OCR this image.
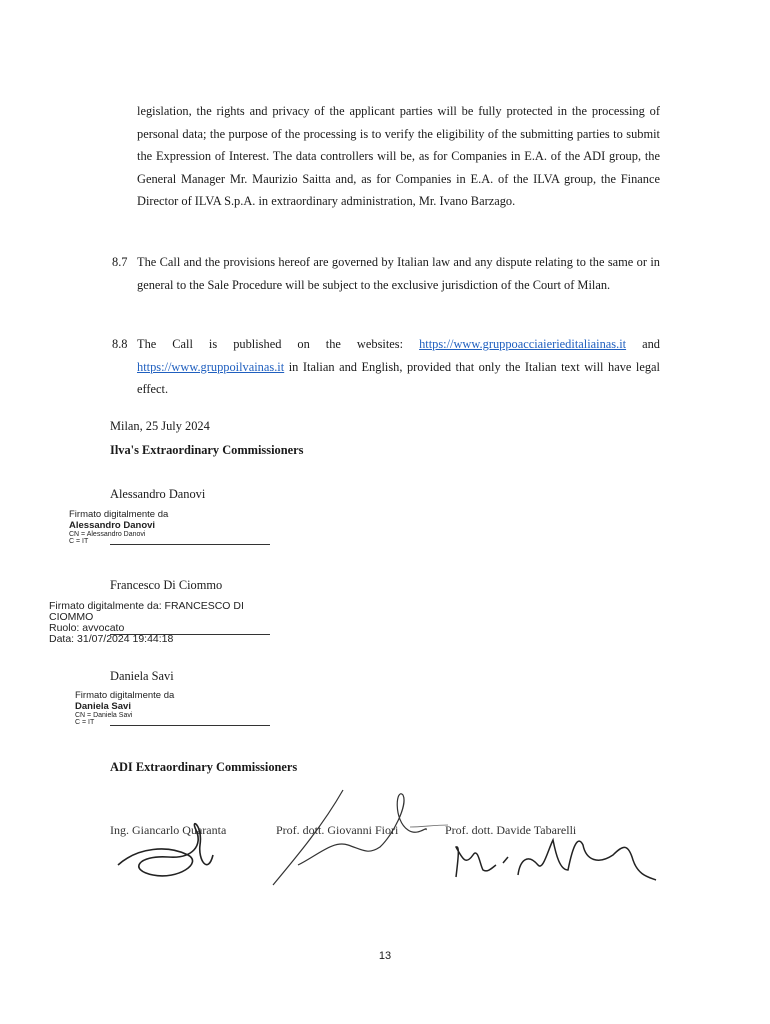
legislation, the rights and privacy of the applicant parties will be fully protected in the processing of personal data; the purpose of the processing is to verify the eligibility of the submitting parties to submit the Expression of Interest. The data controllers will be, as for Companies in E.A. of the ADI group, the General Manager Mr. Maurizio Saitta and, as for Companies in E.A. of the ILVA group, the Finance Director of ILVA S.p.A. in extraordinary administration, Mr. Ivano Barzago.
8.7 The Call and the provisions hereof are governed by Italian law and any dispute relating to the same or in general to the Sale Procedure will be subject to the exclusive jurisdiction of the Court of Milan.
8.8 The Call is published on the websites: https://www.gruppoacciaierieditaliainas.it and https://www.gruppoilvainas.it in Italian and English, provided that only the Italian text will have legal effect.
Milan, 25 July 2024
Ilva's Extraordinary Commissioners
Alessandro Danovi
Firmato digitalmente da
Alessandro Danovi
CN = Alessandro Danovi
C = IT
Francesco Di Ciommo
Firmato digitalmente da: FRANCESCO DI
CIOMMO
Ruolo: avvocato
Data: 31/07/2024 19:44:18
Daniela Savi
Firmato digitalmente da
Daniela Savi
CN = Daniela Savi
C = IT
ADI Extraordinary Commissioners
Ing. Giancarlo Quaranta	Prof. dott. Giovanni Fiori	Prof. dott. Davide Tabarelli
13
